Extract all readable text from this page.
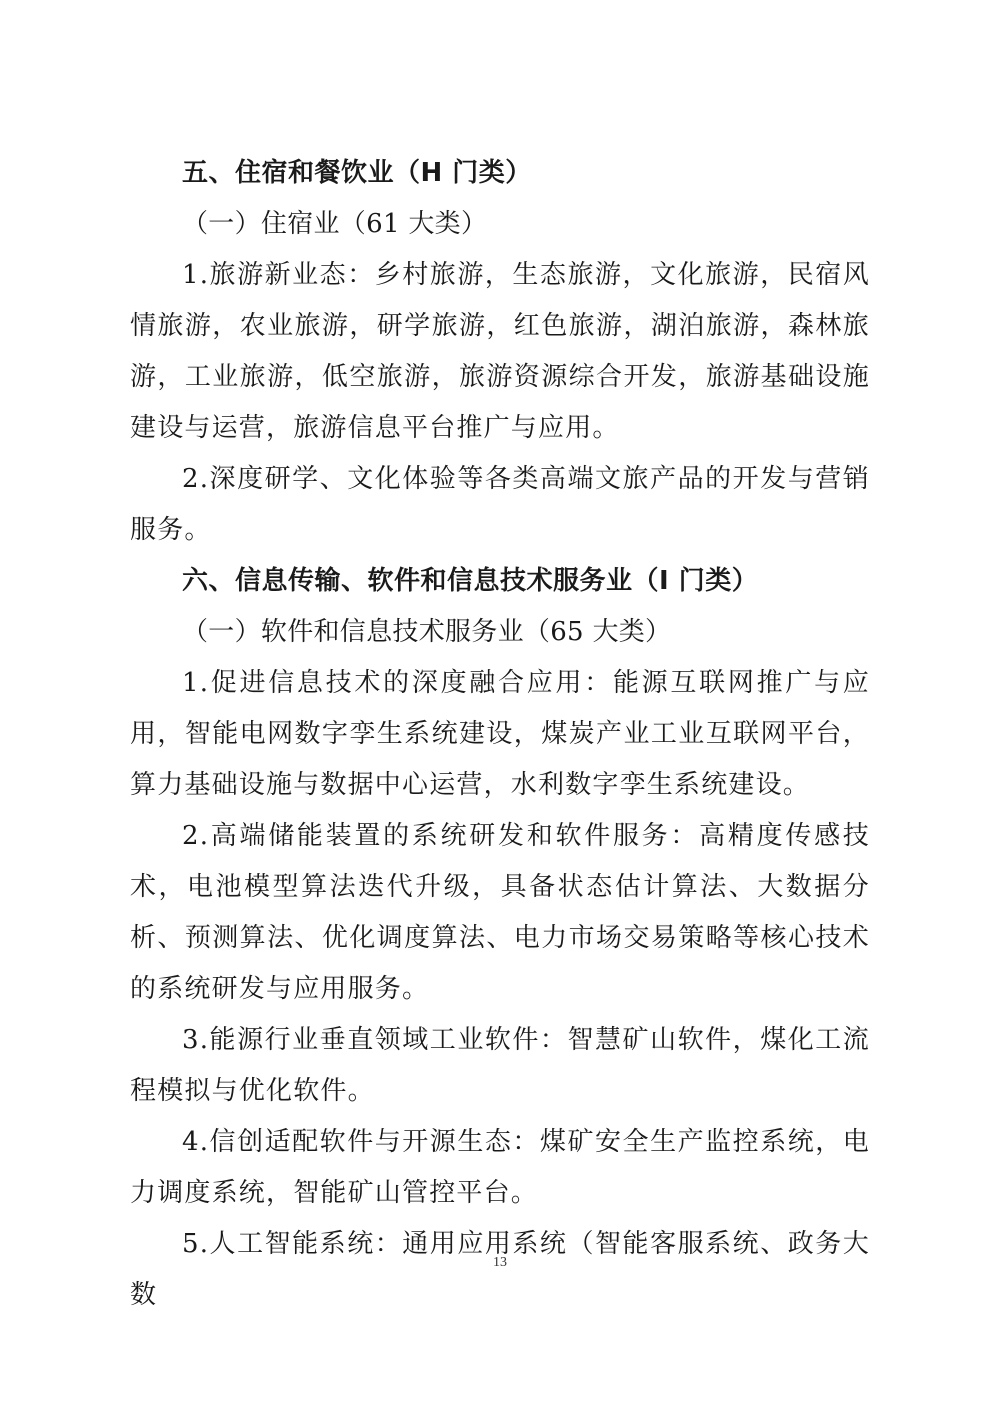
五、住宿和餐饮业（H 门类）

（一）住宿业（61 大类）

1.旅游新业态：乡村旅游，生态旅游，文化旅游，民宿风情旅游，农业旅游，研学旅游，红色旅游，湖泊旅游，森林旅游，工业旅游，低空旅游，旅游资源综合开发，旅游基础设施建设与运营，旅游信息平台推广与应用。

2.深度研学、文化体验等各类高端文旅产品的开发与营销服务。

六、信息传输、软件和信息技术服务业（I 门类）

（一）软件和信息技术服务业（65 大类）

1.促进信息技术的深度融合应用：能源互联网推广与应用，智能电网数字孪生系统建设，煤炭产业工业互联网平台，算力基础设施与数据中心运营，水利数字孪生系统建设。

2.高端储能装置的系统研发和软件服务：高精度传感技术，电池模型算法迭代升级，具备状态估计算法、大数据分析、预测算法、优化调度算法、电力市场交易策略等核心技术的系统研发与应用服务。

3.能源行业垂直领域工业软件：智慧矿山软件，煤化工流程模拟与优化软件。

4.信创适配软件与开源生态：煤矿安全生产监控系统，电力调度系统，智能矿山管控平台。

5.人工智能系统：通用应用系统（智能客服系统、政务大数

13
